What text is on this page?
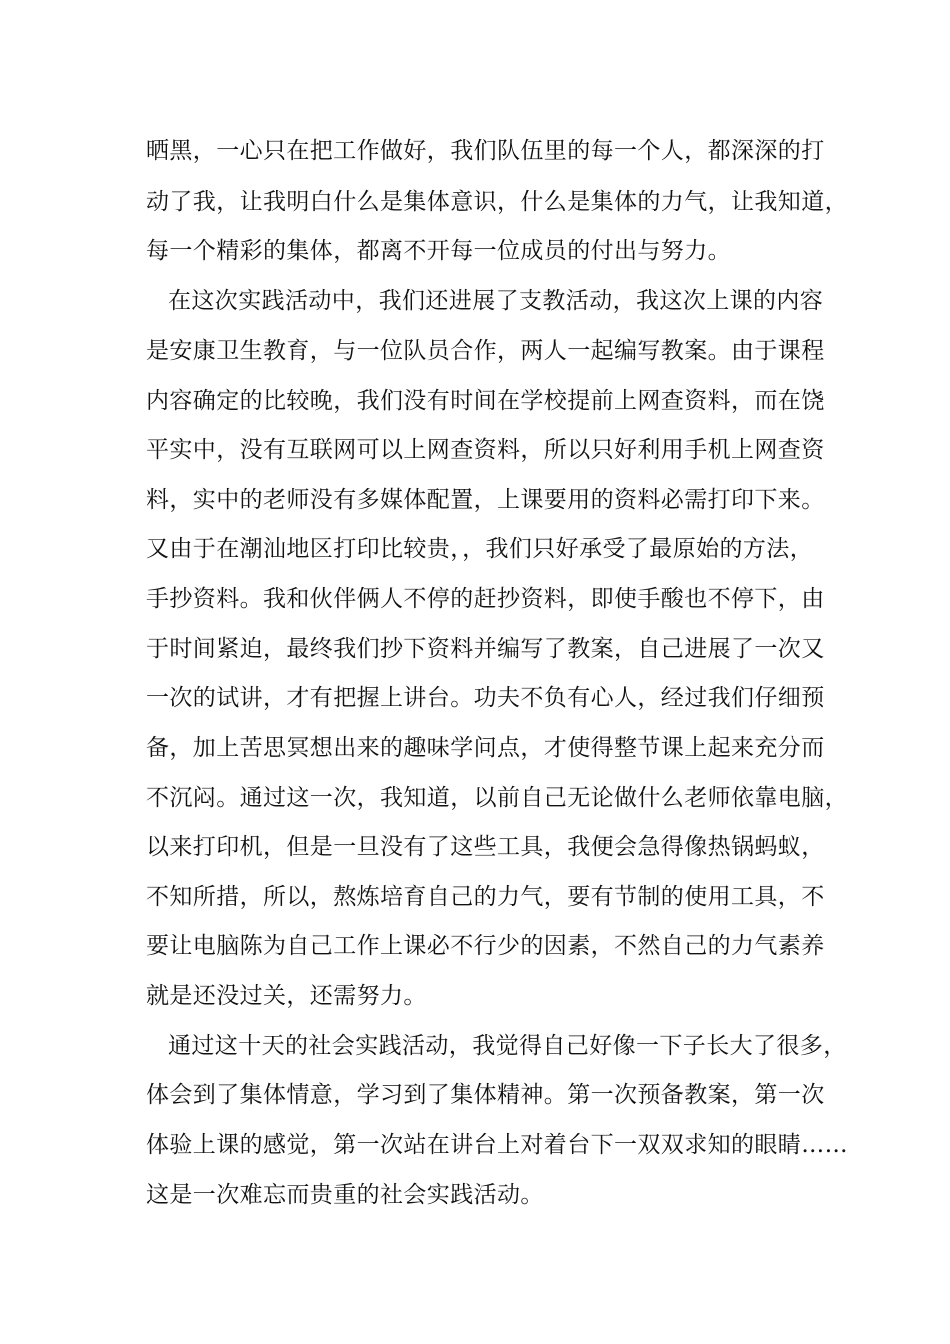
晒黑，一心只在把工作做好，我们队伍里的每一个人，都深深的打
动了我，让我明白什么是集体意识，什么是集体的力气，让我知道，
每一个精彩的集体，都离不开每一位成员的付出与努力。
在这次实践活动中，我们还进展了支教活动，我这次上课的内容
是安康卫生教育，与一位队员合作，两人一起编写教案。由于课程
内容确定的比较晚，我们没有时间在学校提前上网查资料，而在饶
平实中，没有互联网可以上网查资料，所以只好利用手机上网查资
料，实中的老师没有多媒体配置，上课要用的资料必需打印下来。
又由于在潮汕地区打印比较贵，，我们只好承受了最原始的方法，
手抄资料。我和伙伴俩人不停的赶抄资料，即使手酸也不停下，由
于时间紧迫，最终我们抄下资料并编写了教案，自己进展了一次又
一次的试讲，才有把握上讲台。功夫不负有心人，经过我们仔细预
备，加上苦思冥想出来的趣味学问点，才使得整节课上起来充分而
不沉闷。通过这一次，我知道，以前自己无论做什么老师依靠电脑，
以来打印机，但是一旦没有了这些工具，我便会急得像热锅蚂蚁，
不知所措，所以，熬炼培育自己的力气，要有节制的使用工具，不
要让电脑陈为自己工作上课必不行少的因素，不然自己的力气素养
就是还没过关，还需努力。
通过这十天的社会实践活动，我觉得自己好像一下子长大了很多，
体会到了集体情意，学习到了集体精神。第一次预备教案，第一次
体验上课的感觉，第一次站在讲台上对着台下一双双求知的眼睛……
这是一次难忘而贵重的社会实践活动。
